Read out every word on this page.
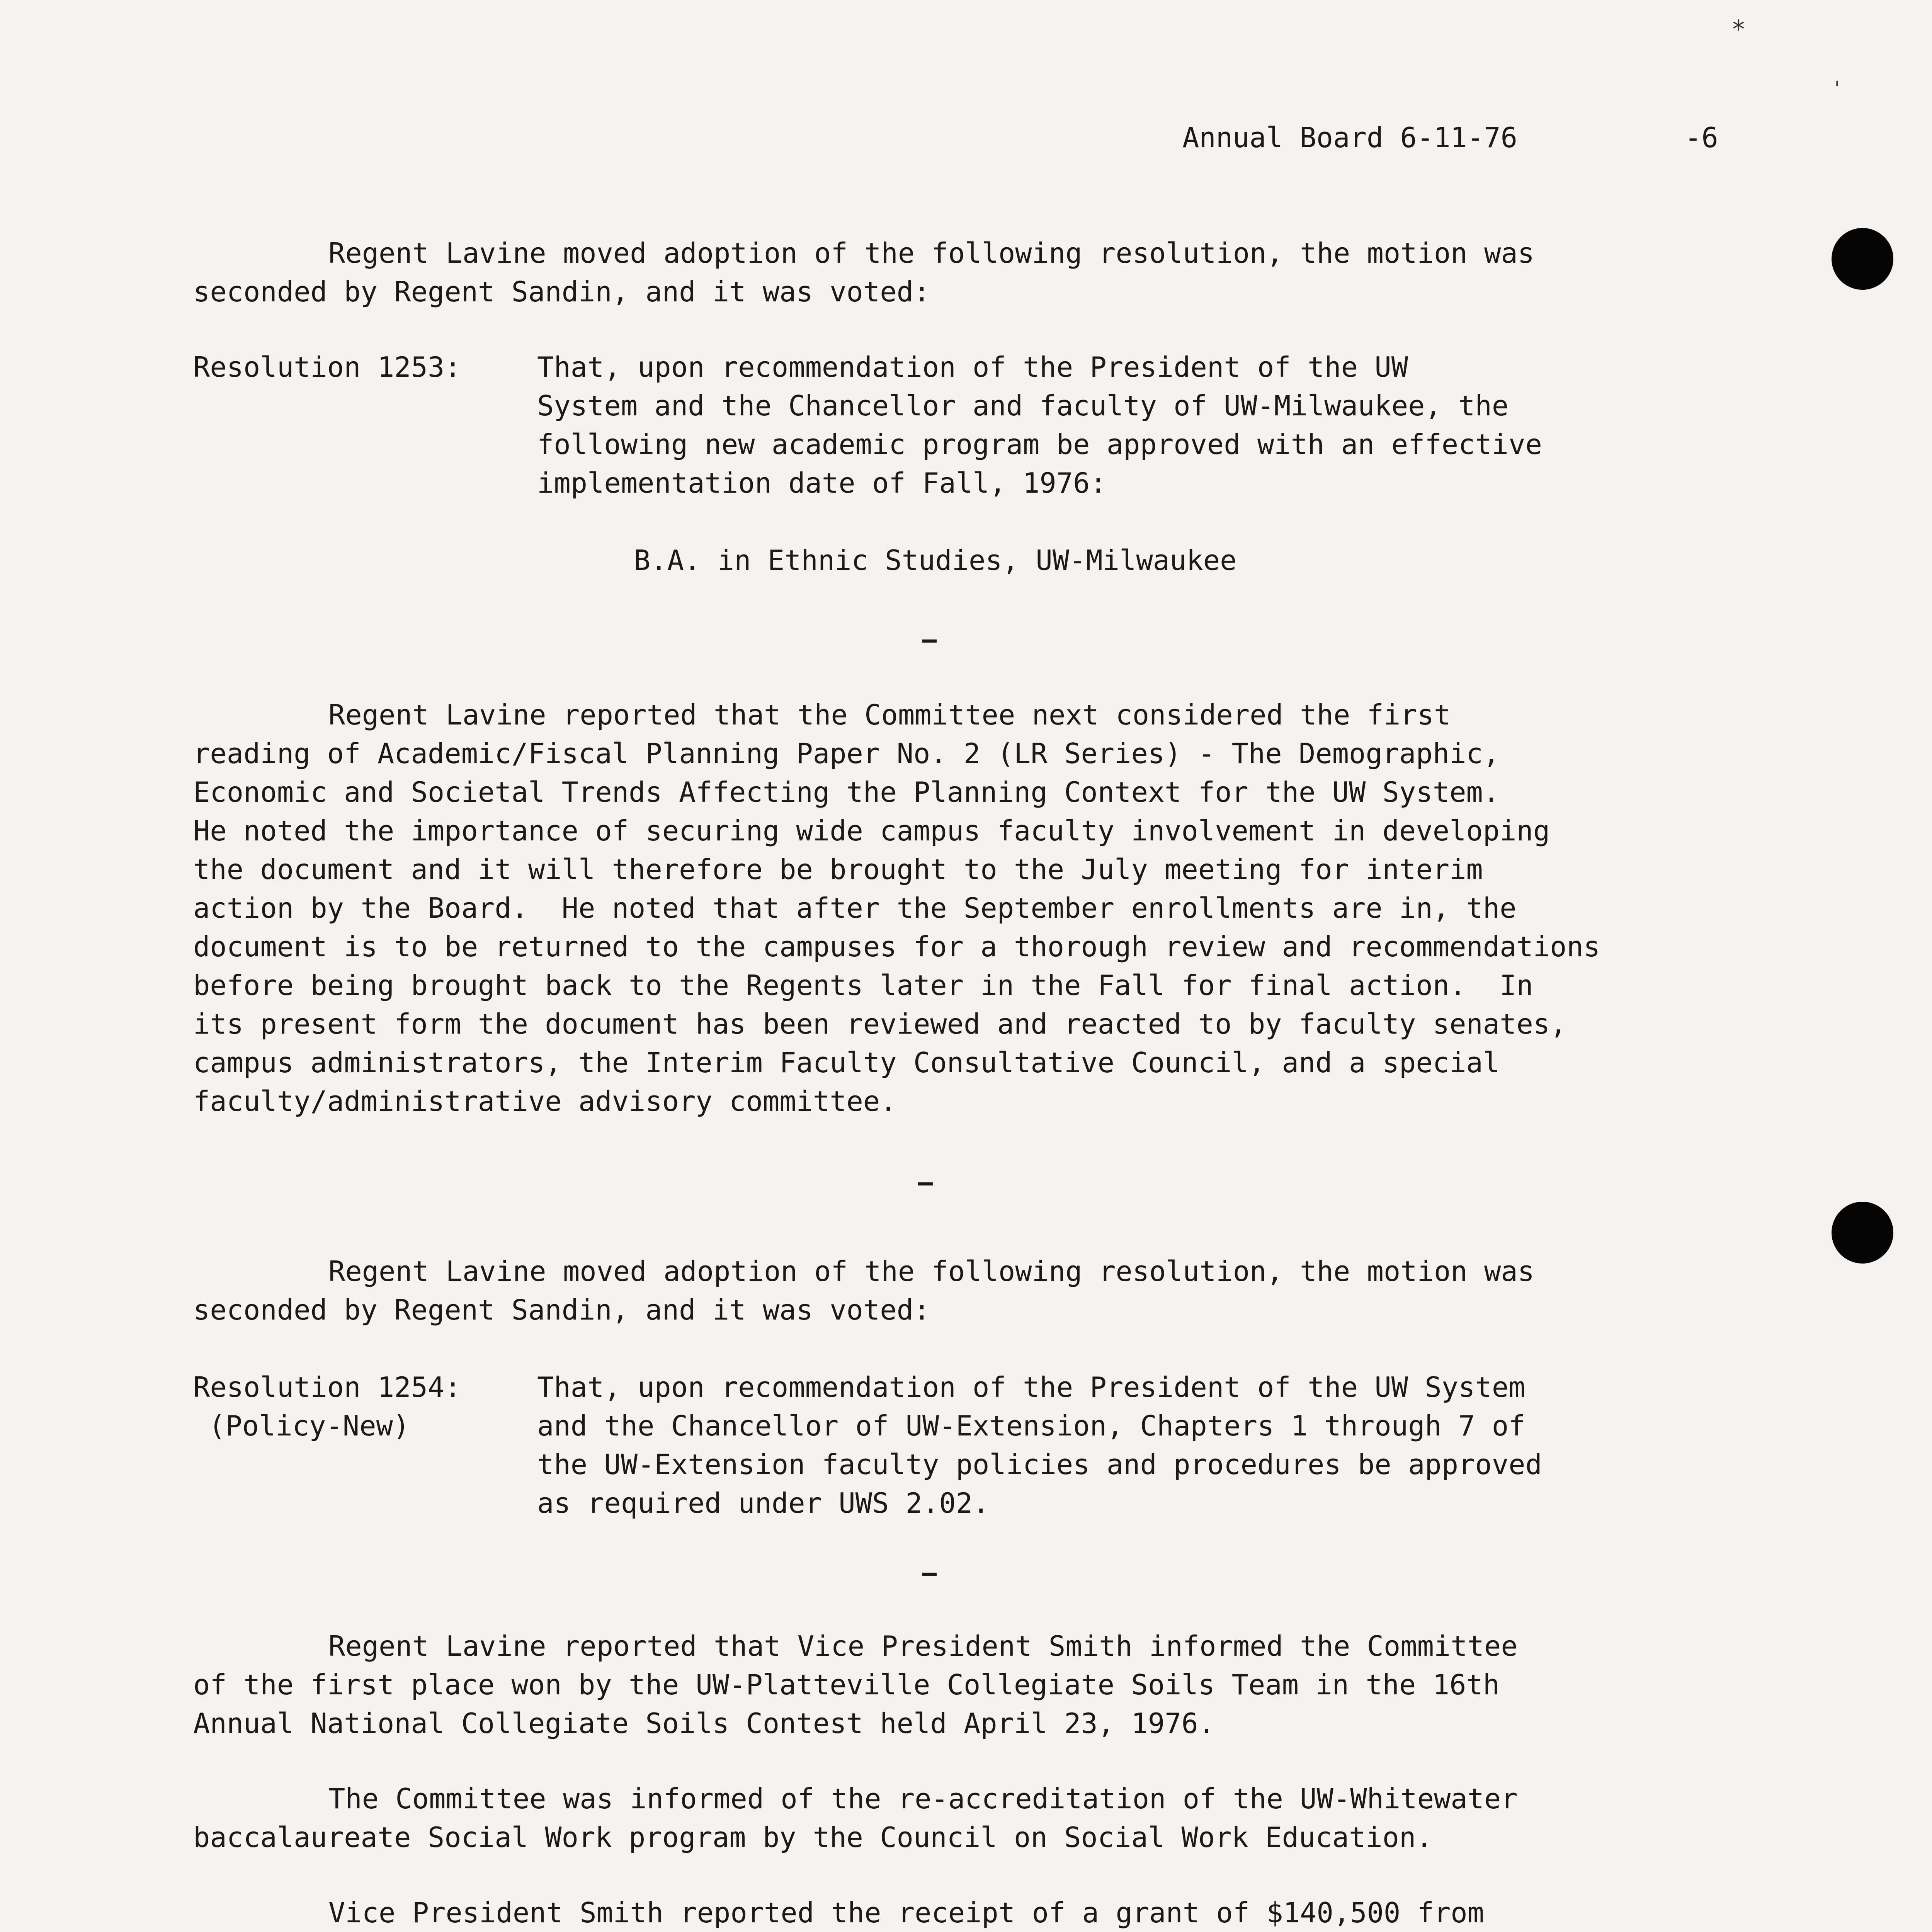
*
'

Annual Board 6-11-76	-6

Regent Lavine moved adoption of the following resolution, the motion was
seconded by Regent Sandin, and it was voted:

Resolution 1253:	That, upon recommendation of the President of the UW
System and the Chancellor and faculty of UW-Milwaukee, the
following new academic program be approved with an effective
implementation date of Fall, 1976:

B.A. in Ethnic Studies, UW-Milwaukee

Regent Lavine reported that the Committee next considered the first
reading of Academic/Fiscal Planning Paper No. 2 (LR Series) - The Demographic,
Economic and Societal Trends Affecting the Planning Context for the UW System.
He noted the importance of securing wide campus faculty involvement in developing
the document and it will therefore be brought to the July meeting for interim
action by the Board.  He noted that after the September enrollments are in, the
document is to be returned to the campuses for a thorough review and recommendations
before being brought back to the Regents later in the Fall for final action.  In
its present form the document has been reviewed and reacted to by faculty senates,
campus administrators, the Interim Faculty Consultative Council, and a special
faculty/administrative advisory committee.
Regent Lavine moved adoption of the following resolution, the motion was
seconded by Regent Sandin, and it was voted:
Resolution 1254:
(Policy-New)
That, upon recommendation of the President of the UW System
and the Chancellor of UW-Extension, Chapters 1 through 7 of
the UW-Extension faculty policies and procedures be approved
as required under UWS 2.02.
Regent Lavine reported that Vice President Smith informed the Committee
of the first place won by the UW-Platteville Collegiate Soils Team in the 16th
Annual National Collegiate Soils Contest held April 23, 1976.
The Committee was informed of the re-accreditation of the UW-Whitewater
baccalaureate Social Work program by the Council on Social Work Education.
Vice President Smith reported the receipt of a grant of $140,500 from
